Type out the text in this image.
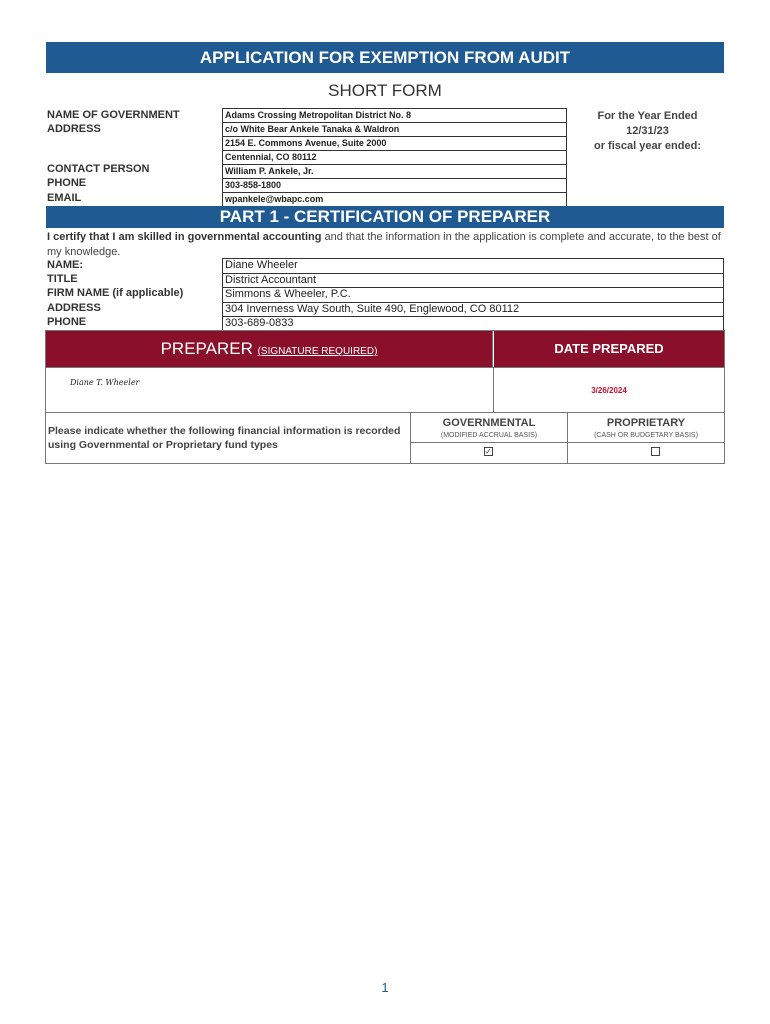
APPLICATION FOR EXEMPTION FROM AUDIT
SHORT FORM
NAME OF GOVERNMENT
ADDRESS
CONTACT PERSON
PHONE
EMAIL
Adams Crossing Metropolitan District No. 8
c/o White Bear Ankele Tanaka & Waldron
2154 E. Commons Avenue, Suite 2000
Centennial, CO 80112
William P. Ankele, Jr.
303-858-1800
wpankele@wbapc.com
For the Year Ended
12/31/23
or fiscal year ended:
PART 1 - CERTIFICATION OF PREPARER
I certify that I am skilled in governmental accounting and that the information in the application is complete and accurate, to the best of my knowledge.
NAME:
TITLE
FIRM NAME (if applicable)
ADDRESS
PHONE
Diane Wheeler
District Accountant
Simmons & Wheeler, P.C.
304 Inverness Way South, Suite 490, Englewood, CO 80112
303-689-0833
PREPARER (SIGNATURE REQUIRED)	DATE PREPARED
Diane T. Wheeler
3/26/2024
Please indicate whether the following financial information is recorded using Governmental or Proprietary fund types
GOVERNMENTAL
(MODIFIED ACCRUAL BASIS)
PROPRIETARY
(CASH OR BUDGETARY BASIS)
✓
1
